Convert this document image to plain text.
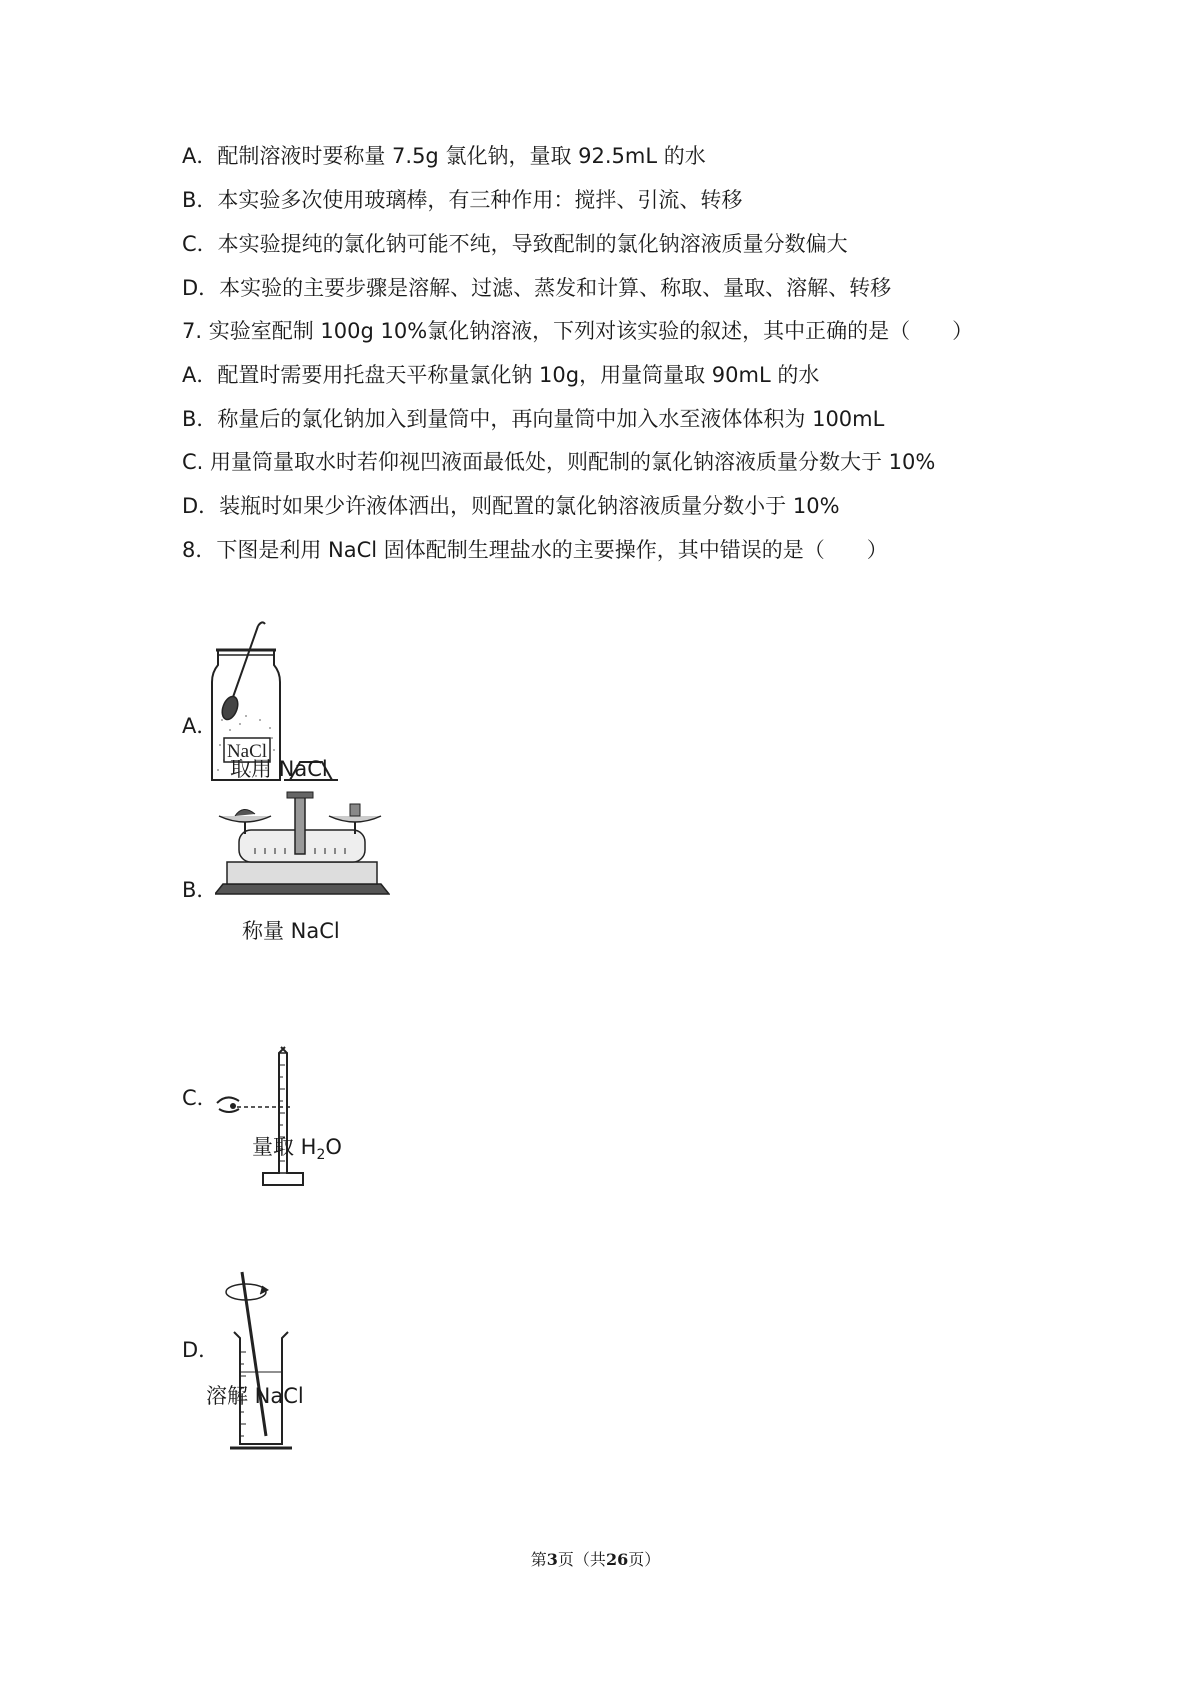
A．配制溶液时要称量 7.5g 氯化钠，量取 92.5mL 的水
B．本实验多次使用玻璃棒，有三种作用：搅拌、引流、转移
C．本实验提纯的氯化钠可能不纯，导致配制的氯化钠溶液质量分数偏大
D．本实验的主要步骤是溶解、过滤、蒸发和计算、称取、量取、溶解、转移
7. 实验室配制 100g 10%氯化钠溶液，下列对该实验的叙述，其中正确的是（　　）
A．配置时需要用托盘天平称量氯化钠 10g，用量筒量取 90mL 的水
B．称量后的氯化钠加入到量筒中，再向量筒中加入水至液体体积为 100mL
C. 用量筒量取水时若仰视凹液面最低处，则配制的氯化钠溶液质量分数大于 10%
D．装瓶时如果少许液体洒出，则配置的氯化钠溶液质量分数小于 10%
8．下图是利用 NaCl 固体配制生理盐水的主要操作，其中错误的是（　　）
NaCl
A．
取用 NaCl
B．
称量 NaCl
C．
量取 $H_2O$
D．
溶解 NaCl
第3页（共26页）
